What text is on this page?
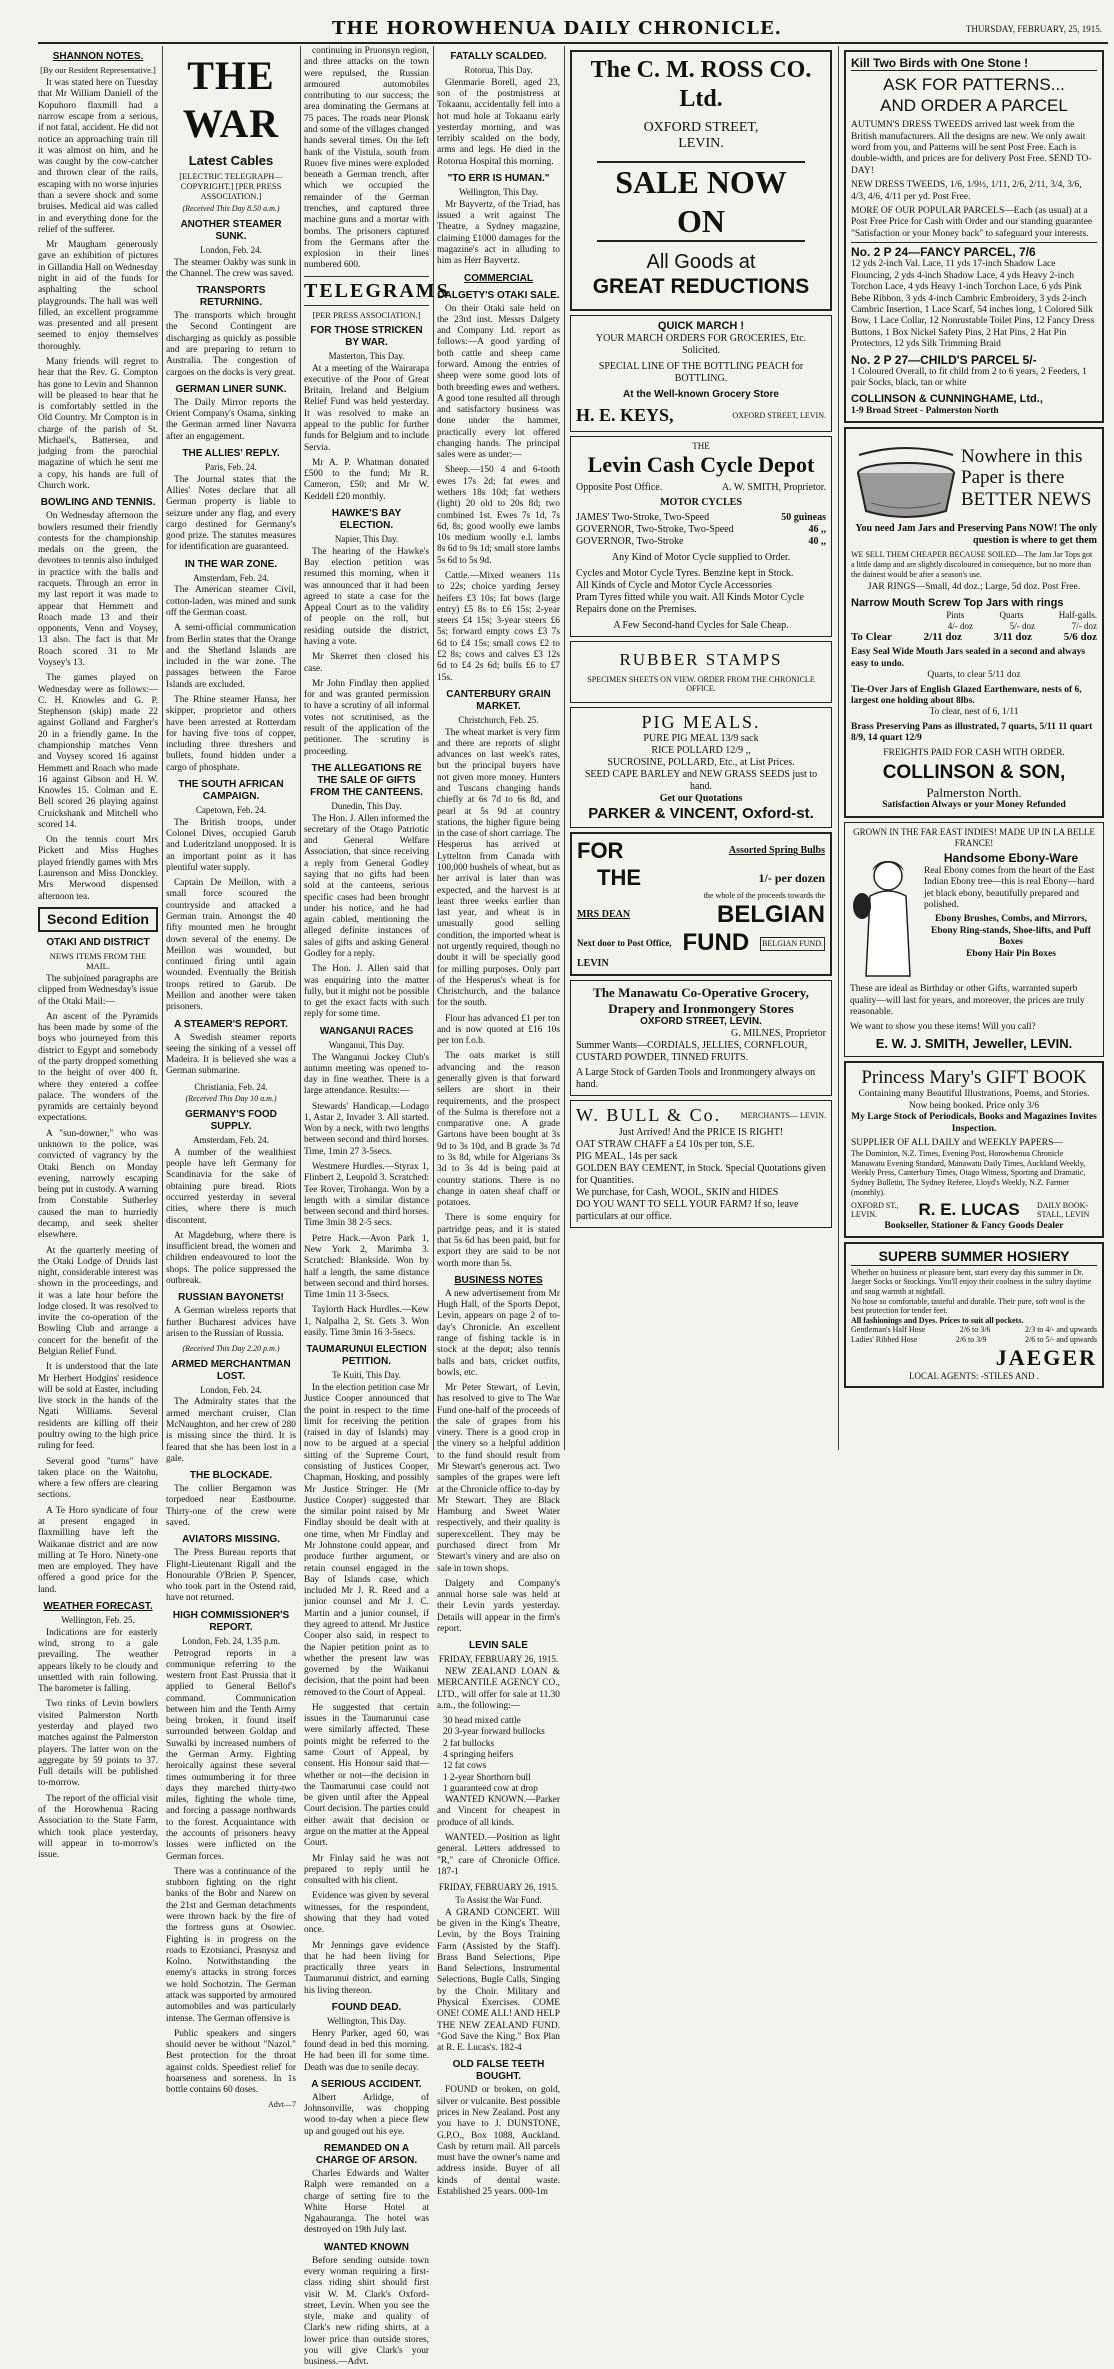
THE HOROWHENUA DAILY CHRONICLE.	THURSDAY, FEBRUARY, 25, 1915.
SHANNON NOTES.
[By our Resident Representative.]

It was stated here on Tuesday that Mr William Daniell of the Kopuhoro flaxmill had a narrow escape from a serious, if not fatal, accident. He did not notice an approaching train till it was almost on him, and he was caught by the cow-catcher and thrown clear of the rails, escaping with no worse injuries than a severe shock and some bruises. Medical aid was called in and everything done for the relief of the sufferer.

Mr Maugham generously gave an exhibition of pictures in Gillandia Hall on Wednesday night in aid of the funds for asphalting the school playgrounds. The hall was well filled, an excellent programme was presented and all present seemed to enjoy themselves thoroughly.

Many friends will regret to hear that the Rev. G. Compton has gone to Levin and Shannon will be pleased to hear that he is comfortably settled in the Old Country. Mr Compton is in charge of the parish of St. Michael's, Battersea, and judging from the parochial magazine of which he sent me a copy, his hands are full of Church work.

BOWLING AND TENNIS.

On Wednesday afternoon the bowlers resumed their friendly contests for the championship medals on the green, the devotees to tennis also indulged in practice with the balls and racquets. Through an error in my last report it was made to appear that Hemmett and Roach made 13 and their opponents, Venn and Voysey, 13 also. The fact is that Mr Roach scored 31 to Mr Voysey's 13.

The games played on Wednesday were as follows:—C. H. Knowles and G. P. Stephenson (skip) made 22 against Golland and Fargher's 20 in a friendly game. In the championship matches Venn and Voysey scored 16 against Hemmett and Roach who made 16 against Gibson and H. W. Knowles 15. Colman and E. Bell scored 26 playing against Cruickshank and Mitchell who scored 14.

On the tennis court Mrs Pickett and Miss Hughes played friendly games with Mrs Laurenson and Miss Donckley. Mrs Merwood dispensed afternoon tea.

Second Edition
OTAKI AND DISTRICT
NEWS ITEMS FROM THE MAIL.

The subjoined paragraphs are clipped from Wednesday's issue of the Otaki Mail:—

An ascent of the Pyramids has been made by some of the boys who journeyed from this district to Egypt and somebody of the party dropped something to the height of over 400 ft. where they entered a coffee palace. The wonders of the pyramids are certainly beyond expectations.

A "sun-downer," who was unknown to the police, was convicted of vagrancy by the Otaki Bench on Monday evening, narrowly escaping being put in custody. A warning from Constable Sutherley caused the man to hurriedly decamp, and seek shelter elsewhere.

At the quarterly meeting of the Otaki Lodge of Druids last night, considerable interest was shown in the proceedings, and it was a late hour before the lodge closed. It was resolved to invite the co-operation of the Bowling Club and arrange a concert for the benefit of the Belgian Relief Fund.

It is understood that the late Mr Herbert Hodgins' residence will be sold at Easter, including live stock in the hands of the Ngati Williams. Several residents are killing off their poultry owing to the high price ruling for feed.

Several good "turns" have taken place on the Waitohu, where a few offers are clearing sections.

A Te Horo syndicate of four at present engaged in flaxmilling have left the Waikanae district and are now milling at Te Horo. Ninety-one men are employed. They have offered a good price for the land.

WEATHER FORECAST.
Wellington, Feb. 25.

Indications are for easterly wind, strong to a gale prevailing. The weather appears likely to be cloudy and unsettled with rain following. The barometer is falling.

Two rinks of Levin bowlers visited Palmerston North yesterday and played two matches against the Palmerston players. The latter won on the aggregate by 59 points to 37. Full details will be published to-morrow.

The report of the official visit of the Horowhenua Racing Association to the State Farm, which took place yesterday, will appear in to-morrow's issue.

THE WAR
Latest Cables
[ELECTRIC TELEGRAPH—COPYRIGHT.] [PER PRESS ASSOCIATION.]
(Received This Day 8.50 a.m.)
ANOTHER STEAMER SUNK.
London, Feb. 24.

The steamer Oakby was sunk in the Channel. The crew was saved.

TRANSPORTS RETURNING.

The transports which brought the Second Contingent are discharging as quickly as possible and are preparing to return to Australia. The congestion of cargoes on the docks is very great.

GERMAN LINER SUNK.

The Daily Mirror reports the Orient Company's Osama, sinking the German armed liner Navarra after an engagement.

THE ALLIES' REPLY.
Paris, Feb. 24.

The Journal states that the Allies' Notes declare that all German property is liable to seizure under any flag, and every cargo destined for Germany's good prize. The statutes measures for identification are guaranteed.

IN THE WAR ZONE.
Amsterdam, Feb. 24.

The American steamer Civil, cotton-laden, was mined and sunk off the German coast.

A semi-official communication from Berlin states that the Orange and the Shetland Islands are included in the war zone. The passages between the Faroe Islands are excluded.

The Rhine steamer Hansa, her skipper, proprietor and others have been arrested at Rotterdam for having five tons of copper, including three threshers and bullets, found hidden under a cargo of phosphate.

THE SOUTH AFRICAN CAMPAIGN.
Capetown, Feb. 24.

The British troops, under Colonel Dives, occupied Garub and Luderitzland unopposed. It is an important point as it has plentiful water supply.

Captain De Meillon, with a small force scoured the countryside and attacked a German train. Amongst the 40 fifty mounted men he brought down several of the enemy. De Meillon was wounded, but continued firing until again wounded. Eventually the British troops retired to Garub. De Meillon and another were taken prisoners.

A STEAMER'S REPORT.

A Swedish steamer reports seeing the sinking of a vessel off Madeira. It is believed she was a German submarine.

Christiania, Feb. 24.
(Received This Day 10 a.m.)
GERMANY'S FOOD SUPPLY.
Amsterdam, Feb. 24.

A number of the wealthiest people have left Germany for Scandinavia for the sake of obtaining pure bread. Riots occurred yesterday in several cities, where there is much discontent.

At Magdeburg, where there is insufficient bread, the women and children endeavoured to loot the shops. The police suppressed the outbreak.

RUSSIAN BAYONETS!

A German wireless reports that further Bucharest advices have arisen to the Russian of Russia.

(Received This Day 2.20 p.m.)
ARMED MERCHANTMAN LOST.
London, Feb. 24.

The Admiralty states that the armed merchant cruiser, Clan McNaughton, and her crew of 280 is missing since the third. It is feared that she has been lost in a gale.

THE BLOCKADE.

The collier Bergamon was torpedoed near Eastbourne. Thirty-one of the crew were saved.

AVIATORS MISSING.

The Press Bureau reports that Flight-Lieutenant Rigall and the Honourable O'Brien P. Spencer, who took part in the Ostend raid, have not returned.

HIGH COMMISSIONER'S REPORT.
London, Feb. 24, 1.35 p.m.

Petrograd reports in a communique referring to the western front East Prussia that it applied to General Bellof's command. Communication between him and the Tenth Army being broken, it found itself surrounded between Goldap and Suwalki by increased numbers of the German Army. Fighting heroically against these several times outnumbering it for three days they marched thirty-two miles, fighting the whole time, and forcing a passage northwards to the forest. Acquaintance with the accounts of prisoners heavy losses were inflicted on the German forces.

There was a continuance of the stubborn fighting on the right banks of the Bobr and Narew on the 21st and German detachments were thrown back by the fire of the fortress guns at Osowiec. Fighting is in progress on the roads to Ezotsianci, Prasnysz and Kolno. Notwithstanding the enemy's attacks in strong forces we hold Sochotzin. The German attack was supported by armoured automobiles and was particularly intense. The German offensive is

Public speakers and singers should never be without "Nazol." Best protection for the throat against colds. Speediest relief for hoarseness and soreness. In 1s bottle contains 60 doses.

Advt—7

continuing in Pruonsyn region, and three attacks on the town were repulsed, the Russian armoured automobiles contributing to our success; the area dominating the Germans at 75 paces. The roads near Plonsk and some of the villages changed hands several times. On the left bank of the Vistula, south from Ruoev five mines were exploded beneath a German trench, after which we occupied the remainder of the German trenches, and captured three machine guns and a mortar with bombs. The prisoners captured from the Germans after the explosion in their lines numbered 600.

TELEGRAMS
[PER PRESS ASSOCIATION.]
FOR THOSE STRICKEN BY WAR.
Masterton, This Day.

At a meeting of the Wairarapa executive of the Poor of Great Britain, Ireland and Belgium Relief Fund was held yesterday. It was resolved to make an appeal to the public for further funds for Belgium and to include Servia.

Mr A. P. Whatman donated £500 to the fund; Mr R. Cameron, £50; and Mr W. Keddell £20 monthly.

HAWKE'S BAY ELECTION.
Napier, This Day.

The hearing of the Hawke's Bay election petition was resumed this morning, when it was announced that it had been agreed to state a case for the Appeal Court as to the validity of people on the roll, but residing outside the district, having a vote.

Mr Skerret then closed his case.

Mr John Findlay then applied for and was granted permission to have a scrutiny of all informal votes not scrutinised, as the result of the application of the petitioner. The scrutiny is proceeding.

THE ALLEGATIONS RE THE SALE OF GIFTS FROM THE CANTEENS.
Dunedin, This Day.

The Hon. J. Allen informed the secretary of the Otago Patriotic and General Welfare Association, that since receiving a reply from General Godley saying that no gifts had been sold at the canteens, serious specific cases had been brought under his notice, and he had again cabled, mentioning the alleged definite instances of sales of gifts and asking General Godley for a reply.

The Hon. J. Allen said that was enquiring into the matter fully, but it might not be possible to get the exact facts with such reply for some time.

WANGANUI RACES
Wanganui, This Day.

The Wanganui Jockey Club's autumn meeting was opened to-day in fine weather. There is a large attendance. Results:—

Stewards' Handicap.—Lodago 1, Astar 2, Invader 3. All started. Won by a neck, with two lengths between second and third horses. Time, 1min 27 3-5secs.

Westmere Hurdles.—Styrax 1, Flinbert 2, Leupold 3. Scratched: Tee Rover, Tirohanga. Won by a length with a similar distance between second and third horses. Time 3min 38 2-5 secs.

Petre Hack.—Avon Park 1, New York 2, Marimba 3. Scratched: Blankside. Won by half a length, the same distance between second and third horses. Time 1min 11 3-5secs.

Taylorth Hack Hurdles.—Kew 1, Nalpalha 2, St. Gets 3. Won easily. Time 3min 16 3-5secs.

TAUMARUNUI ELECTION PETITION.
Te Kuiti, This Day.

In the election petition case Mr Justice Cooper announced that the point in respect to the time limit for receiving the petition (raised in day of Islands) may now to be argued at a special sitting of the Supreme Court, consisting of Justices Cooper, Chapman, Hosking, and possibly Mr Justice Stringer. He (Mr Justice Cooper) suggested that the similar point raised by Mr Findlay should be dealt with at one time, when Mr Findlay and Mr Johnstone could appear, and produce further argument, or retain counsel engaged in the Bay of Islands case, which included Mr J. R. Reed and a junior counsel and Mr J. C. Martin and a junior counsel, if they agreed to attend. Mr Justice Cooper also said, in respect to the Napier petition point as to whether the present law was governed by the Waikanui decision, that the point had been removed to the Court of Appeal.

He suggested that certain issues in the Taumarunui case were similarly affected. These points might be referred to the same Court of Appeal, by consent. His Honour said that—whether or not—the decision in the Taumarunui case could not be given until after the Appeal Court decision. The parties could either await that decision or argue on the matter at the Appeal Court.

Mr Finlay said he was not prepared to reply until he consulted with his client.

Evidence was given by several witnesses, for the respondent, showing that they had voted once.

Mr Jennings gave evidence that he had been living for practically three years in Taumarunui district, and earning his living thereon.

FOUND DEAD.
Wellington, This Day.

Henry Parker, aged 60, was found dead in bed this morning. He had been ill for some time. Death was due to senile decay.

A SERIOUS ACCIDENT.

Albert Arlidge, of Johnsonville, was chopping wood to-day when a piece flew up and gouged out his eye.

REMANDED ON A CHARGE OF ARSON.

Charles Edwards and Walter Ralph were remanded on a charge of setting fire to the White Horse Hotel at Ngahauranga. The hotel was destroyed on 19th July last.

WANTED KNOWN

Before sending outside town every woman requiring a first-class riding shirt should first visit W. M. Clark's Oxford-street, Levin. When you see the style, make and quality of Clark's new riding shirts, at a lower price than outside stores, you will give Clark's your business.—Advt.

FATALLY SCALDED.
Rotorua, This Day.

Glenmarie Borell, aged 23, son of the postmistress at Tokaanu, accidentally fell into a hot mud hole at Tokaanu early yesterday morning, and was terribly scalded on the body, arms and legs. He died in the Rotorua Hospital this morning.

"TO ERR IS HUMAN."
Wellington, This Day.

Mr Bayvertz, of the Triad, has issued a writ against The Theatre, a Sydney magazine, claiming £1000 damages for the magazine's act in alluding to him as Herr Bayvertz.

COMMERCIAL
DALGETY'S OTAKI SALE.

On their Otaki sale held on the 23rd inst. Messrs Dalgety and Company Ltd. report as follows:—A good yarding of both cattle and sheep came forward. Among the entries of sheep were some good lots of both breeding ewes and wethers. A good tone resulted all through and satisfactory business was done under the hammer, practically every lot offered changing hands. The principal sales were as under:—

Sheep.—150 4 and 6-tooth ewes 17s 2d; fat ewes and wethers 18s 10d; fat wethers (light) 20 old to 20s 8d; two combined 1st. Ewes 7s 1d, 7s 6d, 8s; good woolly ewe lambs 10s medium woolly e.l. lambs 8s 6d to 9s 1d; small store lambs 5s 6d to 5s 9d.

Cattle.—Mixed weaners 11s to 22s; choice yarding Jersey heifers £3 10s; fat bows (large entry) £5 8s to £6 15s; 2-year steers £4 15s; 3-year steers £6 5s; forward empty cows £3 7s 6d to £4 15s; small cows £2 to £2 8s; cows and calves £3 12s 6d to £4 2s 6d; bulls £6 to £7 15s.

CANTERBURY GRAIN MARKET.
Christchurch, Feb. 25.

The wheat market is very firm and there are reports of slight advances on last week's rates, but the principal buyers have not given more money. Hunters and Tuscans changing hands chiefly at 6s 7d to 6s 8d, and pearl at 5s 9d at country stations, the higher figure being in the case of short carriage. The Hesperus has arrived at Lyttelton from Canada with 100,000 bushels of wheat, but as her arrival is later than was expected, and the harvest is at least three weeks earlier than last year, and wheat is in unusually good selling condition, the imported wheat is not urgently required, though no doubt it will be specially good for milling purposes. Only part of the Hesperus's wheat is for Christchurch, and the balance for the south.

Flour has advanced £1 per ton and is now quoted at £16 10s per ton f.o.b.

The oats market is still advancing and the reason generally given is that forward sellers are short in their requirements, and the prospect of the Sulma is therefore not a comparative one. A grade Gartons have been bought at 3s 9d to 3s 10d, and B grade 3s 7d to 3s 8d, while for Algerians 3s 3d to 3s 4d is being paid at country stations. There is no change in oaten sheaf chaff or potatoes.

There is some enquiry for partridge peas, and it is stated that 5s 6d has been paid, but for export they are said to be not worth more than 5s.

BUSINESS NOTES

A new advertisement from Mr Hugh Hall, of the Sports Depot, Levin, appears on page 2 of to-day's Chronicle. An excellent range of fishing tackle is in stock at the depot; also tennis balls and bats, cricket outfits, bowls, etc.

Mr Peter Stewart, of Levin, has resolved to give to The War Fund one-half of the proceeds of the sale of grapes from his vinery. There is a good crop in the vinery so a helpful addition to the fund should result from Mr Stewart's generous act. Two samples of the grapes were left at the Chronicle office to-day by Mr Stewart. They are Black Hamburg and Sweet Water respectively, and their quality is superexcellent. They may be purchased direct from Mr Stewart's vinery and are also on sale in town shops.

Dalgety and Company's annual horse sale was held at their Levin yards yesterday. Details will appear in the firm's report.

LEVIN SALE
FRIDAY, FEBRUARY 26, 1915.

NEW ZEALAND LOAN & MERCANTILE AGENCY CO., LTD., will offer for sale at 11.30 a.m., the following:—

30 head mixed cattle
20 3-year forward bullocks
2 fat bullocks
4 springing heifers
12 fat cows
1 2-year Shorthorn bull
1 guaranteed cow at drop

WANTED KNOWN.—Parker and Vincent for cheapest in produce of all kinds.

WANTED.—Position as light general. Letters addressed to "R," care of Chronicle Office. 187-1

FRIDAY, FEBRUARY 26, 1915.
To Assist the War Fund.

A GRAND CONCERT. Will be given in the King's Theatre, Levin, by the Boys Training Farm (Assisted by the Staff). Brass Band Selections, Pipe Band Selections, Instrumental Selections, Bugle Calls, Singing by the Choir. Military and Physical Exercises. COME ONE! COME ALL! AND HELP THE NEW ZEALAND FUND. "God Save the King." Box Plan at R. E. Lucas's. 182-4

OLD FALSE TEETH BOUGHT.

FOUND or broken, on gold, silver or vulcanite. Best possible prices in New Zealand. Post any you have to J. DUNSTONE, G.P.O., Box 1088, Auckland. Cash by return mail. All parcels must have the owner's name and address inside. Buyer of all kinds of dental waste. Established 25 years. 000-1m

The C. M. ROSS CO. Ltd.
OXFORD STREET,
LEVIN.
SALE NOW ON
All Goods at
GREAT REDUCTIONS
QUICK MARCH !
YOUR MARCH ORDERS FOR GROCERIES, Etc. Solicited.
SPECIAL LINE OF THE BOTTLING PEACH for BOTTLING.
At the Well-known Grocery Store
H. E. KEYS,	OXFORD STREET, LEVIN.
THE
Levin Cash Cycle Depot
Opposite Post Office.	A. W. SMITH, Proprietor.
MOTOR CYCLES
JAMES' Two-Stroke, Two-Speed	50 guineas
GOVERNOR, Two-Stroke, Two-Speed	46 ,,
GOVERNOR, Two-Stroke	40 ,,
Any Kind of Motor Cycle supplied to Order.
Cycles and Motor Cycle Tyres. Benzine kept in Stock.
All Kinds of Cycle and Motor Cycle Accessories
Pram Tyres fitted while you wait. All Kinds Motor Cycle Repairs done on the Premises.
A Few Second-hand Cycles for Sale Cheap.
RUBBER STAMPS
SPECIMEN SHEETS ON VIEW. ORDER FROM THE CHRONICLE OFFICE.
PIG MEALS.
PURE PIG MEAL 13/9 sack
RICE POLLARD 12/9 ,,
SUCROSINE, POLLARD, Etc., at List Prices.
SEED CAPE BARLEY and NEW GRASS SEEDS just to hand.
Get our Quotations
PARKER & VINCENT, Oxford-st.
FOR	Assorted Spring Bulbs
THE	1/- per dozen
the whole of the proceeds towards the
MRS DEAN	BELGIAN
Next door to Post Office, FUND BELGIAN FUND.
LEVIN
The Manawatu Co-Operative Grocery, Drapery and Ironmongery Stores
OXFORD STREET, LEVIN.
G. MILNES, Proprietor
Summer Wants—CORDIALS, JELLIES, CORNFLOUR, CUSTARD POWDER, TINNED FRUITS.
A Large Stock of Garden Tools and Ironmongery always on hand.
W. BULL & Co. MERCHANTS— LEVIN.
Just Arrived! And the PRICE IS RIGHT!
OAT STRAW CHAFF a £4 10s per ton, S.E.
PIG MEAL, 14s per sack
GOLDEN BAY CEMENT, in Stock. Special Quotations given for Quantities.
We purchase, for Cash, WOOL, SKIN and HIDES
DO YOU WANT TO SELL YOUR FARM? If so, leave particulars at our office.
Kill Two Birds with One Stone !
ASK FOR PATTERNS...
AND ORDER A PARCEL
AUTUMN'S DRESS TWEEDS arrived last week from the British manufacturers. All the designs are new. We only await word from you, and Patterns will be sent Post Free. Each is double-width, and prices are for delivery Post Free. SEND TO-DAY!
NEW DRESS TWEEDS, 1/6, 1/9½, 1/11, 2/6, 2/11, 3/4, 3/6, 4/3, 4/6, 4/11 per yd. Post Free.
MORE OF OUR POPULAR PARCELS—Each (as usual) at a Post Free Price for Cash with Order and our standing guarantee "Satisfaction or your Money back" to safeguard your interests.
No. 2 P 24—FANCY PARCEL, 7/6
12 yds 2-inch Val. Lace, 11 yds 17-inch Shadow Lace Flouncing, 2 yds 4-inch Shadow Lace, 4 yds Heavy 2-inch Torchon Lace, 4 yds Heavy 1-inch Torchon Lace, 6 yds Pink Bebe Ribbon, 3 yds 4-inch Cambric Embroidery, 3 yds 2-inch Cambric Insertion, 1 Lace Scarf, 54 inches long, 1 Colored Silk Bow, 1 Lace Collar, 12 Nonrustable Toilet Pins, 12 Fancy Dress Buttons, 1 Box Nickel Safety Pins, 2 Hat Pins, 2 Hat Pin Protectors, 12 yds Silk Trimming Braid
No. 2 P 27—CHILD'S PARCEL 5/-
1 Coloured Overall, to fit child from 2 to 6 years, 2 Feeders, 1 pair Socks, black, tan or white
COLLINSON & CUNNINGHAME, Ltd.,
1-9 Broad Street - Palmerston North
Nowhere in this Paper is there BETTER NEWS
You need Jam Jars and Preserving Pans NOW! The only question is where to get them
WE SELL THEM CHEAPER BECAUSE SOILED—The Jam Jar Tops got a little damp and are slightly discoloured in consequence, but no more than the dainest would be after a season's use.
JAR RINGS—Small, 4d doz.; Large, 5d doz. Post Free.
Narrow Mouth Screw Top Jars with rings
Pints	Quarts	Half-galls.
4/- doz	5/- doz	7/- doz
To Clear	2/11 doz	3/11 doz	5/6 doz
Easy Seal Wide Mouth Jars sealed in a second and always easy to undo.
Quarts, to clear 5/11 doz
Tie-Over Jars of English Glazed Earthenware, nests of 6, largest one holding about 8lbs.
To clear, nest of 6, 1/11
Brass Preserving Pans as illustrated, 7 quarts, 5/11 11 quart 8/9, 14 quart 12/9
FREIGHTS PAID FOR CASH WITH ORDER.
COLLINSON & SON,
Palmerston North.
Satisfaction Always or your Money Refunded
GROWN IN THE FAR EAST INDIES! MADE UP IN LA BELLE FRANCE!
Handsome Ebony-Ware
Real Ebony comes from the heart of the East Indian Ebony tree—this is real Ebony—hard jet black ebony, beautifully prepared and polished.
Ebony Brushes, Combs, and Mirrors, Ebony Ring-stands, Shoe-lifts, and Puff Boxes
Ebony Hair Pin Boxes
These are ideal as Birthday or other Gifts, warranted superb quality—will last for years, and moreover, the prices are truly reasonable.
We want to show you these items! Will you call?
E. W. J. SMITH, Jeweller, LEVIN.
Princess Mary's GIFT BOOK
Containing many Beautiful Illustrations, Poems, and Stories. Now being booked. Price only 3/6
My Large Stock of Periodicals, Books and Magazines Invites Inspection.
SUPPLIER OF ALL DAILY and WEEKLY PAPERS—
The Dominion, N.Z. Times, Evening Post, Horowhenua Chronicle Manawatu Evening Standard, Manawatu Daily Times, Auckland Weekly, Weekly Press, Canterbury Times, Otago Witness, Sporting and Dramatic, Sydney Bulletin, The Sydney Referee, Lloyd's Weekly, N.Z. Farmer (monthly).
OXFORD ST., LEVIN.	R. E. LUCAS DAILY BOOK-STALL, LEVIN
Bookseller, Stationer & Fancy Goods Dealer
SUPERB SUMMER HOSIERY
Whether on business or pleasure bent, start every day this summer in Dr. Jaeger Socks or Stockings. You'll enjoy their coolness in the sultry daytime and snug warmth at nightfall.
No hose so comfortable, tasteful and durable. Their pure, soft wool is the best protection for tender feet.
All fashionings and Dyes. Prices to suit all pockets.
Gentleman's Half Hose	2/6 to 3/6	2/3 to 4/- and upwards
Ladies' Ribbed Hose	2/6 to 3/9	2/6 to 5/- and upwards
JAEGER
LOCAL AGENTS: -STILES AND .
